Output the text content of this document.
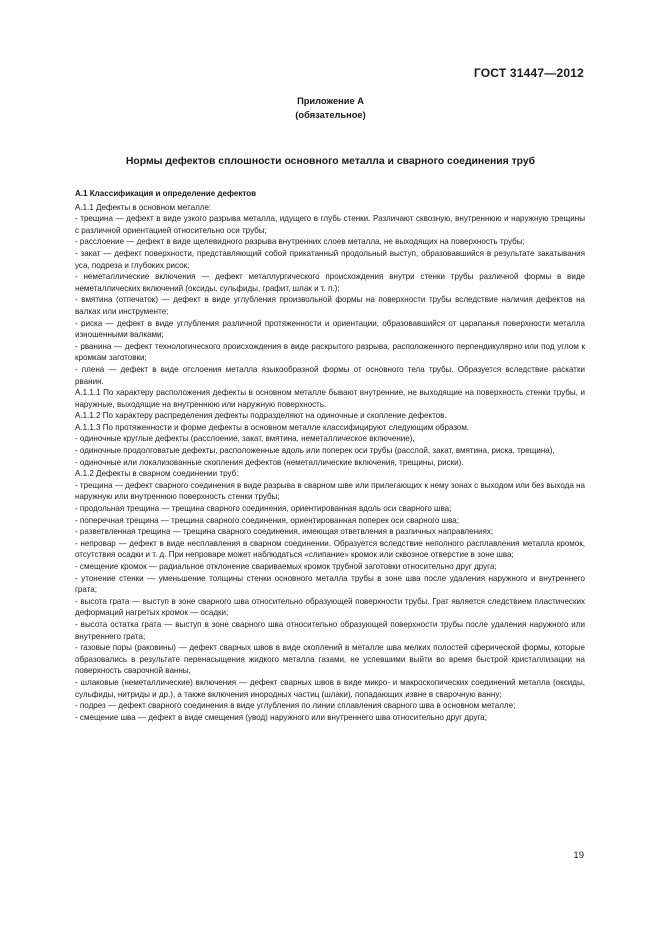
ГОСТ 31447—2012
Приложение А
(обязательное)
Нормы дефектов сплошности основного металла и сварного соединения труб

А.1 Классификация и определение дефектов

А.1.1 Дефекты в основном металле:

- трещина — дефект в виде узкого разрыва металла, идущего в глубь стенки. Различают сквозную, внутреннюю и наружную трещины с различной ориентацией относительно оси трубы;

- расслоение — дефект в виде щелевидного разрыва внутренних слоев металла, не выходящих на поверхность трубы;

- закат — дефект поверхности, представляющий собой прикатанный продольный выступ, образовавшийся в результате закатывания уса, подреза и глубоких рисок;

- неметаллические включения — дефект металлургического происхождения внутри стенки трубы различной формы в виде неметаллических включений (оксиды, сульфиды, графит, шлак и т. п.);

- вмятина (отпечаток) — дефект в виде углубления произвольной формы на поверхности трубы вследствие наличия дефектов на валках или инструменте;

- риска — дефект в виде углубления различной протяженности и ориентации, образовавшийся от царапанья поверхности металла изношенными валками;

- рванина — дефект технологического происхождения в виде раскрытого разрыва, расположенного перпендикулярно или под углом к кромкам заготовки;

- плена — дефект в виде отслоения металла языкообразной формы от основного тела трубы. Образуется вследствие раскатки рванин.

А.1.1.1 По характеру расположения дефекты в основном металле бывают внутренние, не выходящие на поверхность стенки трубы, и наружные, выходящие на внутреннюю или наружную поверхность.

А.1.1.2 По характеру распределения дефекты подразделяют на одиночные и скопление дефектов.

А.1.1.3 По протяженности и форме дефекты в основном металле классифицируют следующим образом.

- одиночные круглые дефекты (расслоение, закат, вмятина, неметаллическое включение),

- одиночные продолговатые дефекты, расположенные вдоль или поперек оси трубы (расслой, закат, вмятина, риска, трещина),

- одиночные или локализованные скопления дефектов (неметаллические включения, трещины, риски).

А.1.2 Дефекты в сварном соединении труб:

- трещина — дефект сварного соединения в виде разрыва в сварном шве или прилегающих к нему зонах с выходом или без выхода на наружную или внутреннюю поверхность стенки трубы;

- продольная трещина — трещина сварного соединения, ориентированная вдоль оси сварного шва;

- поперечная трещина — трещина сварного соединения, ориентированная поперек оси сварного шва;

- разветвленная трещина — трещина сварного соединения, имеющая ответвления в различных направлениях;

- непровар — дефект в виде несплавления в сварном соединении. Образуется вследствие неполного расплавления металла кромок, отсутствия осадки и т. д. При непроваре может наблюдаться «слипание» кромок или сквозное отверстие в зоне шва;

- смещение кромок — радиальное отклонение свариваемых кромок трубной заготовки относительно друг друга;

- утонение стенки — уменьшение толщины стенки основного металла трубы в зоне шва после удаления наружного и внутреннего грата;

- высота грата — выступ в зоне сварного шва относительно образующей поверхности трубы. Грат является следствием пластических деформаций нагретых кромок — осадки;

- высота остатка грата — выступ в зоне сварного шва относительно образующей поверхности трубы после удаления наружного или внутреннего грата;

- газовые поры (раковины) — дефект сварных швов в виде скоплений в металле шва мелких полостей сферической формы, которые образовались в результате перенасыщения жидкого металла газами, не успевшими выйти во время быстрой кристаллизации на поверхность сварочной ванны,

- шлаковые (неметаллические) включения — дефект сварных швов в виде микро- и макроскопических соединений металла (оксиды, сульфиды, нитриды и др.), а также включения инородных частиц (шлаки), попадающих извне в сварочную ванну;

- подрез — дефект сварного соединения в виде углубления по линии сплавления сварного шва в основном металле;

- смещение шва — дефект в виде смещения (увод) наружного или внутреннего шва относительно друг друга;

19
